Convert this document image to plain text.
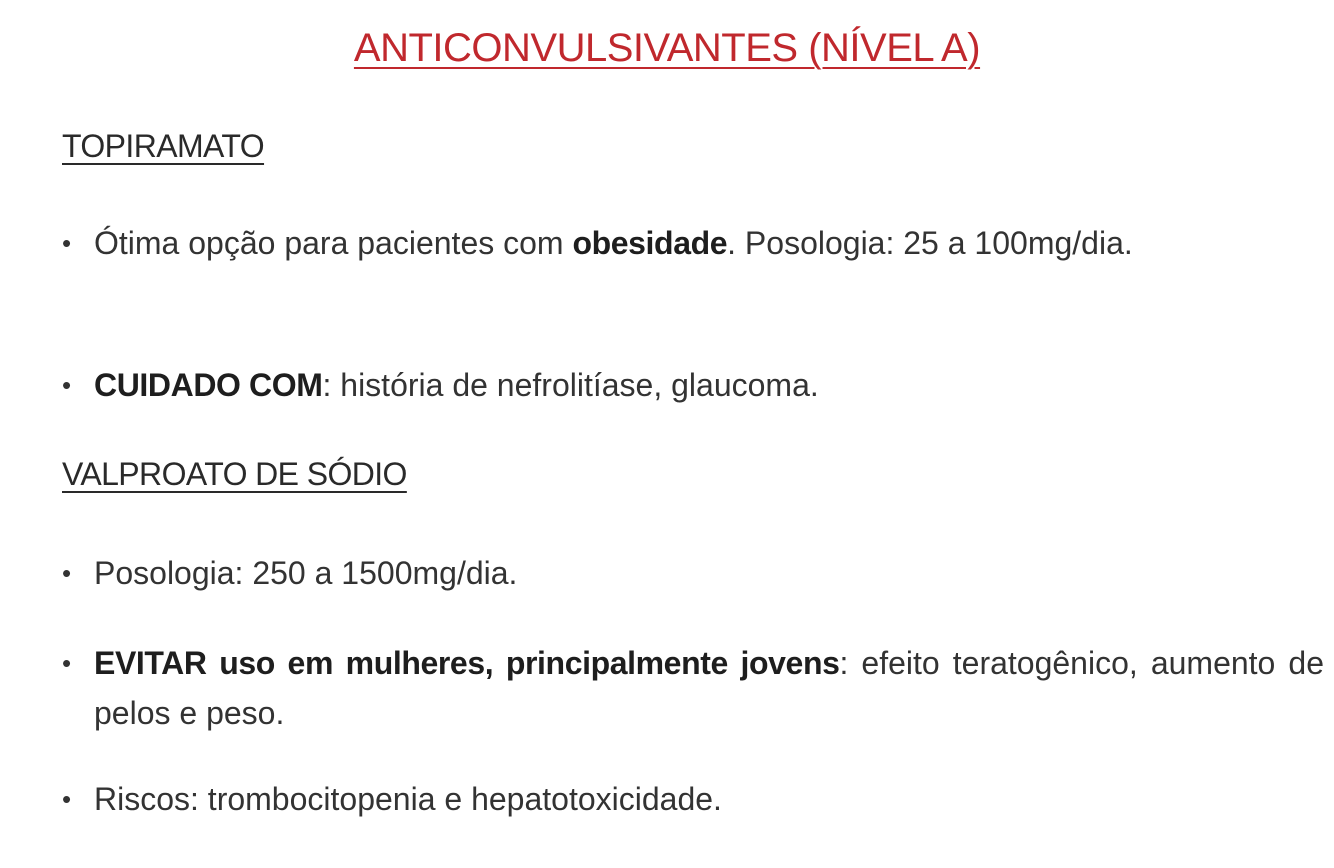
ANTICONVULSIVANTES (NÍVEL A)
TOPIRAMATO
• Ótima opção para pacientes com obesidade. Posologia: 25 a 100mg/dia.
• CUIDADO COM: história de nefrolitíase, glaucoma.
VALPROATO DE SÓDIO
• Posologia: 250 a 1500mg/dia.
• EVITAR uso em mulheres, principalmente jovens: efeito teratogênico, aumento de pelos e peso.
• Riscos: trombocitopenia e hepatotoxicidade.
